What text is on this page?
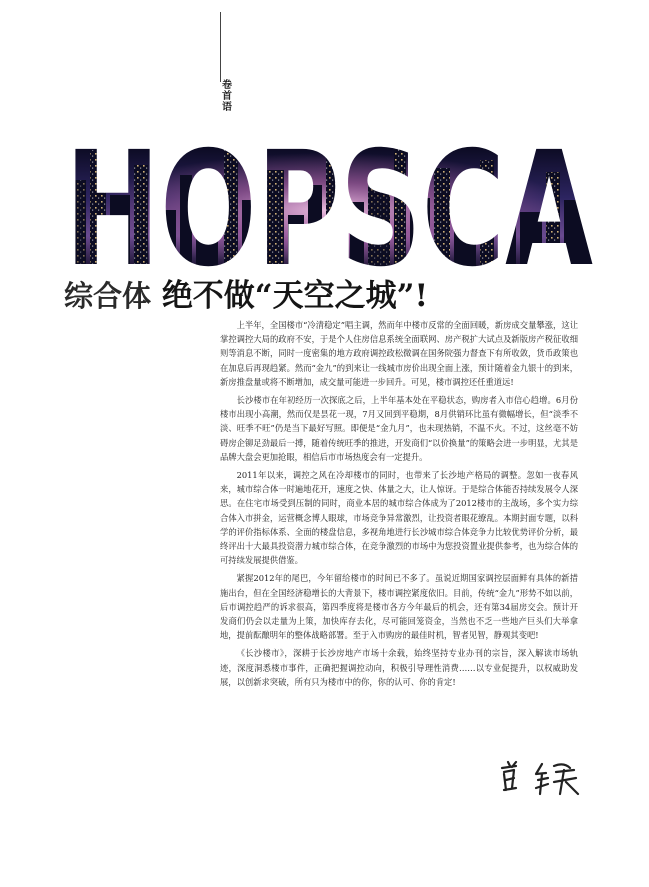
卷首语
HOPSCA
综合体 绝不做“天空之城”!

上半年，全国楼市“冷清稳定”唱主调，然而年中楼市反常的全面回暖，新房成交量攀涨，这让掌控调控大局的政府不安，于是个人住房信息系统全面联网、房产税扩大试点及新版房产税征收细则等消息不断，同时一度密集的地方政府调控政松微调在国务院强力督查下有所收敛，货币政策也在加息后再现趋紧。然而“金九”的到来让一线城市房价出现全面上涨，预计随着金九银十的到来，新房推盘量或将不断增加，成交量可能进一步回升。可见，楼市调控还任重道远!

长沙楼市在年初经历一次探底之后，上半年基本处在平稳状态，购房者入市信心趋增。6月份楼市出现小高潮，然而仅是昙花一现，7月又回到平稳期，8月供销环比虽有微幅增长，但“淡季不淡、旺季不旺”仍是当下最好写照。即便是“金九月”，也未现热销，不温不火。不过，这丝毫不妨碍房企铆足劲最后一搏，随着传统旺季的推进，开发商们“以价换量”的策略会进一步明显，尤其是品牌大盘会更加抢眼，相信后市市场热度会有一定提升。

2011年以来，调控之风在冷却楼市的同时，也带来了长沙地产格局的调整。忽如一夜春风来，城市综合体一时遍地花开，速度之快、体量之大，让人惊讶。于是综合体能否持续发展令人深思。在住宅市场受到压制的同时，商业本居的城市综合体成为了2012楼市的主战场，多个实力综合体入市拼金，运营概念博人眼球，市场竞争异常激烈，让投资者眼花缭乱。本期封面专题，以科学的评价指标体系、全面的楼盘信息，多视角地进行长沙城市综合体竞争力比较优势评价分析，最终评出十大最具投资潜力城市综合体，在竞争激烈的市场中为您投资置业提供参考，也为综合体的可持续发展提供借鉴。

紧握2012年的尾巴，今年留给楼市的时间已不多了。虽说近期国家调控层面鲜有具体的新措施出台，但在全国经济稳增长的大背景下，楼市调控紧度依旧。目前，传统“金九”形势不如以前，后市调控趋严的诉求很高，第四季度将是楼市各方今年最后的机会，还有第34届房交会。预计开发商们仍会以走量为上策，加快库存去化，尽可能回笼资金，当然也不乏一些地产巨头们大举拿地，提前酝酿明年的整体战略部署。至于入市购房的最佳时机，智者见智，静观其变吧!

《长沙楼市》，深耕于长沙房地产市场十余载，始终坚持专业办刊的宗旨，深入解读市场轨迹，深度洞悉楼市事件，正确把握调控动向，积极引导理性消费……以专业促提升，以权威助发展，以创新求突破，所有只为楼市中的你，你的认可、你的肯定!
